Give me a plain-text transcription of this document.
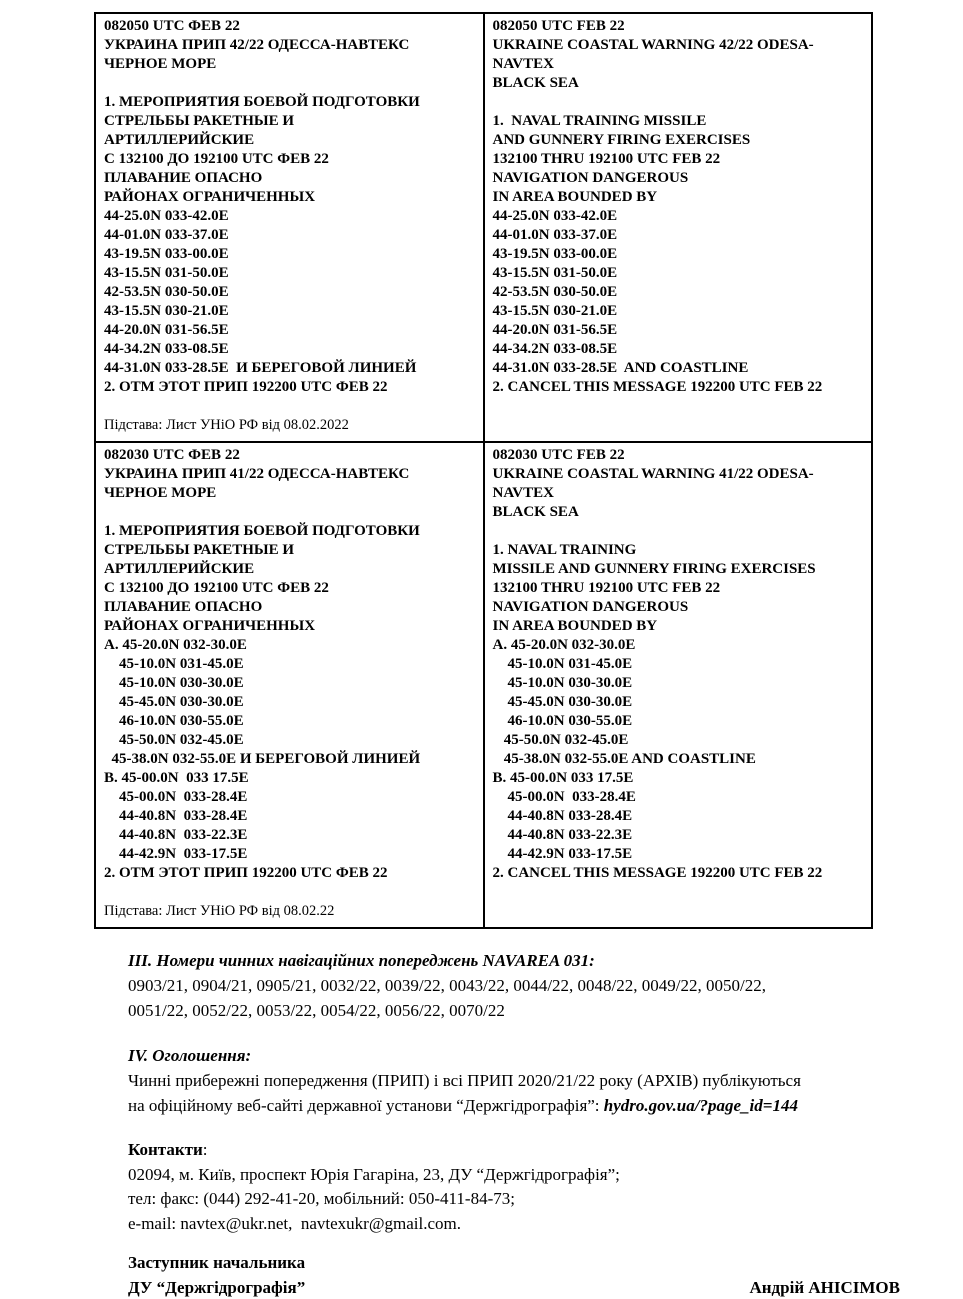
082050 UTC ФЕВ 22
УКРАИНА ПРИП 42/22 ОДЕССА-НАВТЕКС
ЧЕРНОЕ МОРЕ

1. МЕРОПРИЯТИЯ БОЕВОЙ ПОДГОТОВКИ
СТРЕЛЬБЫ РАКЕТНЫЕ И
АРТИЛЛЕРИЙСКИЕ
С 132100 ДО 192100 UTC ФЕВ 22
ПЛАВАНИЕ ОПАСНО
РАЙОНАХ ОГРАНИЧЕННЫХ
44-25.0N 033-42.0E
44-01.0N 033-37.0E
43-19.5N 033-00.0E
43-15.5N 031-50.0E
42-53.5N 030-50.0E
43-15.5N 030-21.0E
44-20.0N 031-56.5E
44-34.2N 033-08.5E
44-31.0N 033-28.5E  И БЕРЕГОВОЙ ЛИНИЕЙ
2. ОТМ ЭТОТ ПРИП 192200 UTC ФЕВ 22
Підстава: Лист УНіО РФ від 08.02.2022

082050 UTC FEB 22
UKRAINE COASTAL WARNING 42/22 ODESA-
NAVTEX
BLACK SEA

1.  NAVAL TRAINING MISSILE
AND GUNNERY FIRING EXERCISES
132100 THRU 192100 UTC FEB 22
NAVIGATION DANGEROUS
IN AREA BOUNDED BY
44-25.0N 033-42.0E
44-01.0N 033-37.0E
43-19.5N 033-00.0E
43-15.5N 031-50.0E
42-53.5N 030-50.0E
43-15.5N 030-21.0E
44-20.0N 031-56.5E
44-34.2N 033-08.5E
44-31.0N 033-28.5E  AND COASTLINE
2. CANCEL THIS MESSAGE 192200 UTC FEB 22

082030 UTC ФЕВ 22
УКРАИНА ПРИП 41/22 ОДЕССА-НАВТЕКС
ЧЕРНОЕ МОРЕ

1. МЕРОПРИЯТИЯ БОЕВОЙ ПОДГОТОВКИ
СТРЕЛЬБЫ РАКЕТНЫЕ И
АРТИЛЛЕРИЙСКИЕ
С 132100 ДО 192100 UTC ФЕВ 22
ПЛАВАНИЕ ОПАСНО
РАЙОНАХ ОГРАНИЧЕННЫХ
А. 45-20.0N 032-30.0E
45-10.0N 031-45.0E
45-10.0N 030-30.0E
45-45.0N 030-30.0E
46-10.0N 030-55.0E
45-50.0N 032-45.0E
45-38.0N 032-55.0E И БЕРЕГОВОЙ ЛИНИЕЙ
В. 45-00.0N  033 17.5E
45-00.0N  033-28.4E
44-40.8N  033-28.4E
44-40.8N  033-22.3E
44-42.9N  033-17.5E
2. ОТМ ЭТОТ ПРИП 192200 UTC ФЕВ 22
Підстава: Лист УНіО РФ від 08.02.22

082030 UTC FEB 22
UKRAINE COASTAL WARNING 41/22 ODESA-
NAVTEX
BLACK SEA

1. NAVAL TRAINING
MISSILE AND GUNNERY FIRING EXERCISES
132100 THRU 192100 UTC FEB 22
NAVIGATION DANGEROUS
IN AREA BOUNDED BY
A. 45-20.0N 032-30.0E
45-10.0N 031-45.0E
45-10.0N 030-30.0E
45-45.0N 030-30.0E
46-10.0N 030-55.0E
45-50.0N 032-45.0E
45-38.0N 032-55.0E AND COASTLINE
B. 45-00.0N 033 17.5E
45-00.0N  033-28.4E
44-40.8N 033-28.4E
44-40.8N 033-22.3E
44-42.9N 033-17.5E
2. CANCEL THIS MESSAGE 192200 UTC FEB 22
ІІІ. Номери чинних навігаційних попереджень NAVAREA 031:
0903/21, 0904/21, 0905/21, 0032/22, 0039/22, 0043/22, 0044/22, 0048/22, 0049/22, 0050/22,
0051/22, 0052/22, 0053/22, 0054/22, 0056/22, 0070/22
IV. Оголошення:
Чинні прибережні попередження (ПРИП) і всі ПРИП 2020/21/22 року (АРХІВ) публікуються
на офіційному веб-сайті державної установи “Держгідрографія”: hydro.gov.ua/?page_id=144
Контакти:
02094, м. Київ, проспект Юрія Гагаріна, 23, ДУ “Держгідрографія”;
тел: факс: (044) 292-41-20, мобільний: 050-411-84-73;
e-mail: navtex@ukr.net,  navtexukr@gmail.com.
Заступник начальника
ДУ “Держгідрографія”	Андрій АНІСІМОВ
